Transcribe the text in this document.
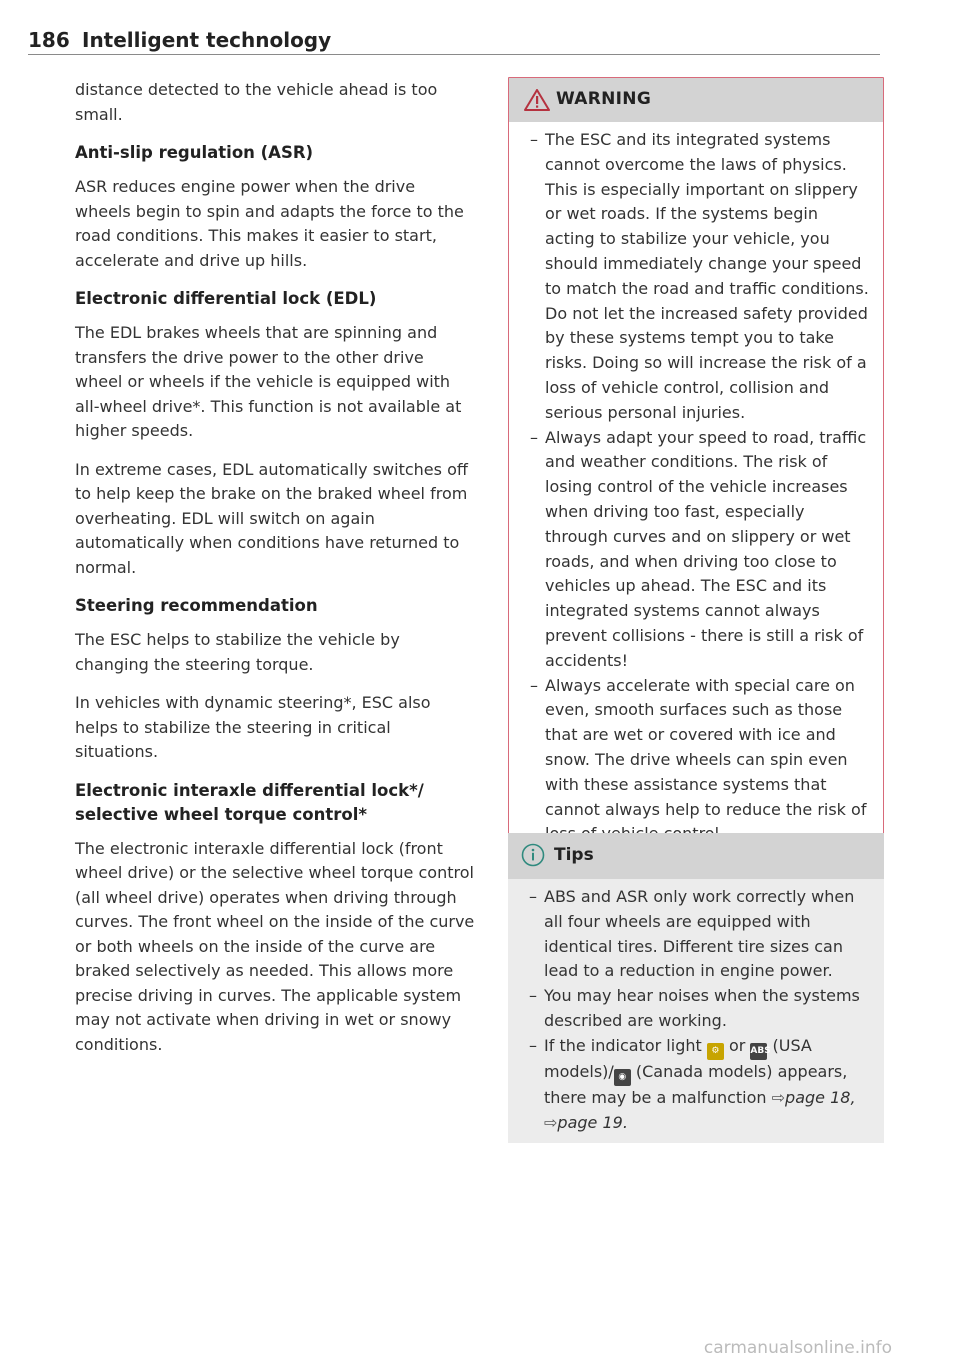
186 Intelligent technology

distance detected to the vehicle ahead is too small.

Anti-slip regulation (ASR)

ASR reduces engine power when the drive wheels begin to spin and adapts the force to the road conditions. This makes it easier to start, accelerate and drive up hills.

Electronic differential lock (EDL)

The EDL brakes wheels that are spinning and transfers the drive power to the other drive wheel or wheels if the vehicle is equipped with all-wheel drive*. This function is not available at higher speeds.

In extreme cases, EDL automatically switches off to help keep the brake on the braked wheel from overheating. EDL will switch on again automatically when conditions have returned to normal.

Steering recommendation

The ESC helps to stabilize the vehicle by changing the steering torque.

In vehicles with dynamic steering*, ESC also helps to stabilize the steering in critical situations.

Electronic interaxle differential lock*/ selective wheel torque control*

The electronic interaxle differential lock (front wheel drive) or the selective wheel torque control (all wheel drive) operates when driving through curves. The front wheel on the inside of the curve or both wheels on the inside of the curve are braked selectively as needed. This allows more precise driving in curves. The applicable system may not activate when driving in wet or snowy conditions.

WARNING
– The ESC and its integrated systems cannot overcome the laws of physics. This is especially important on slippery or wet roads. If the systems begin acting to stabilize your vehicle, you should immediately change your speed to match the road and traffic conditions. Do not let the increased safety provided by these systems tempt you to take risks. Doing so will increase the risk of a loss of vehicle control, collision and serious personal injuries.
– Always adapt your speed to road, traffic and weather conditions. The risk of losing control of the vehicle increases when driving too fast, especially through curves and on slippery or wet roads, and when driving too close to vehicles up ahead. The ESC and its integrated systems cannot always prevent collisions - there is still a risk of accidents!
– Always accelerate with special care on even, smooth surfaces such as those that are wet or covered with ice and snow. The drive wheels can spin even with these assistance systems that cannot always help to reduce the risk of
Tips
– ABS and ASR only work correctly when all four wheels are equipped with identical tires. Different tire sizes can lead to a reduction in engine power.
– You may hear noises when the systems described are working.
– If the indicator light ⚙ or ABS (USA models)/ ◉ (Canada models) appears, there may be a malfunction ⇨page 18, ⇨page 19.
carmanualsonline.info
